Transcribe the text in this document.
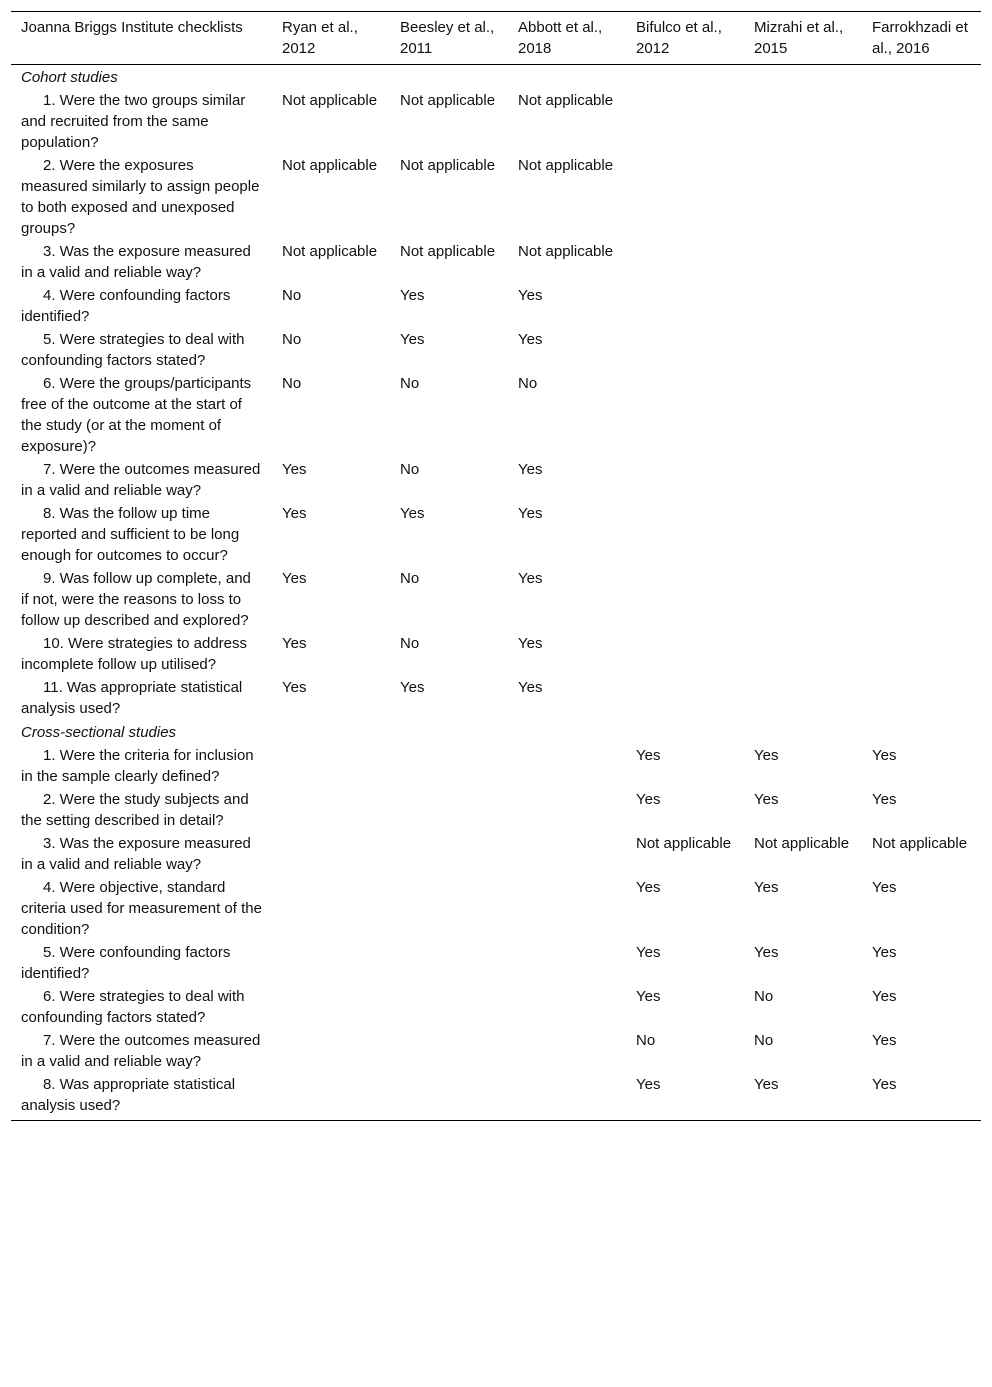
Joanna Briggs Institute checklists	Ryan et al., 2012	Beesley et al., 2011	Abbott et al., 2018	Bifulco et al., 2012	Mizrahi et al., 2015	Farrokhzadi et al., 2016
Cohort studies						
1. Were the two groups similar and recruited from the same population?	Not applicable	Not applicable	Not applicable			
2. Were the exposures measured similarly to assign people to both exposed and unexposed groups?	Not applicable	Not applicable	Not applicable			
3. Was the exposure measured in a valid and reliable way?	Not applicable	Not applicable	Not applicable			
4. Were confounding factors identified?	No	Yes	Yes			
5. Were strategies to deal with confounding factors stated?	No	Yes	Yes			
6. Were the groups/participants free of the outcome at the start of the study (or at the moment of exposure)?	No	No	No			
7. Were the outcomes measured in a valid and reliable way?	Yes	No	Yes			
8. Was the follow up time reported and sufficient to be long enough for outcomes to occur?	Yes	Yes	Yes			
9. Was follow up complete, and if not, were the reasons to loss to follow up described and explored?	Yes	No	Yes			
10. Were strategies to address incomplete follow up utilised?	Yes	No	Yes			
11. Was appropriate statistical analysis used?	Yes	Yes	Yes			
Cross-sectional studies						
1. Were the criteria for inclusion in the sample clearly defined?				Yes	Yes	Yes
2. Were the study subjects and the setting described in detail?				Yes	Yes	Yes
3. Was the exposure measured in a valid and reliable way?				Not applicable	Not applicable	Not applicable
4. Were objective, standard criteria used for measurement of the condition?				Yes	Yes	Yes
5. Were confounding factors identified?				Yes	Yes	Yes
6. Were strategies to deal with confounding factors stated?				Yes	No	Yes
7. Were the outcomes measured in a valid and reliable way?				No	No	Yes
8. Was appropriate statistical analysis used?				Yes	Yes	Yes
